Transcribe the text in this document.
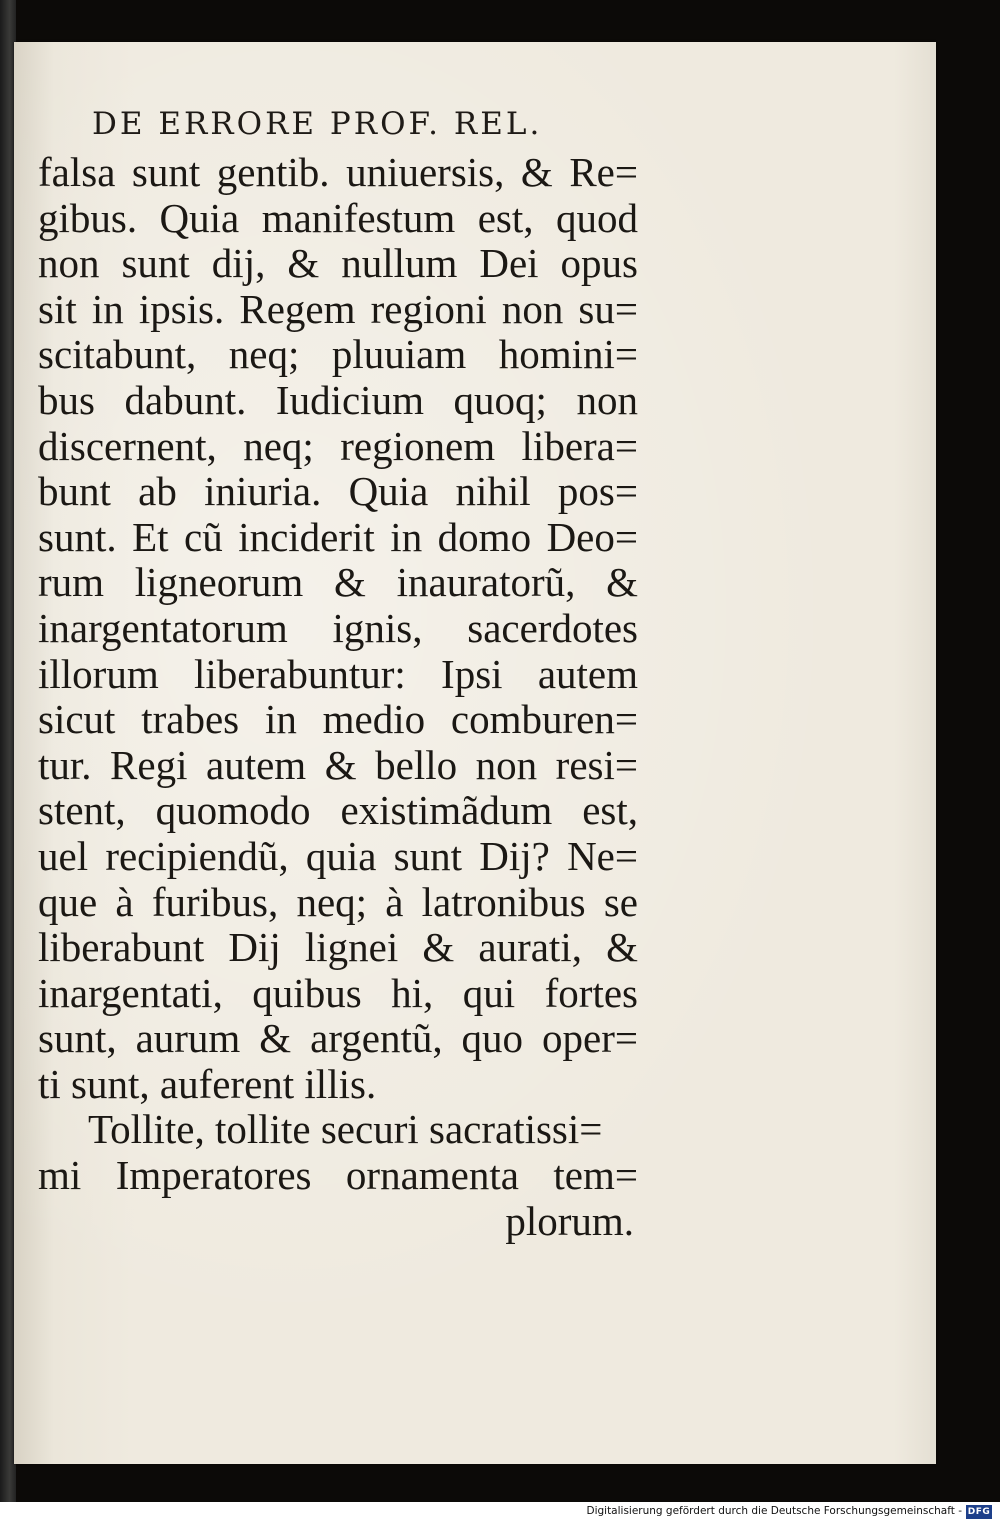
DE ERRORE PROF. REL.
falsa sunt gentib. uniuersis, & Re=
gibus. Quia manifestum est, quod
non sunt dij, & nullum Dei opus
sit in ipsis. Regem regioni non su=
scitabunt, neq; pluuiam homini=
bus dabunt. Iudicium quoq; non
discernent, neq; regionem libera=
bunt ab iniuria. Quia nihil pos=
sunt. Et cũ inciderit in domo Deo=
rum ligneorum & inauratorũ, &
inargentatorum ignis, sacerdotes
illorum liberabuntur: Ipsi autem
sicut trabes in medio comburen=
tur. Regi autem & bello non resi=
stent, quomodo existimãdum est,
uel recipiendũ, quia sunt Dij? Ne=
que à furibus, neq; à latronibus se
liberabunt Dij lignei & aurati, &
inargentati, quibus hi, qui fortes
sunt, aurum & argentũ, quo oper=
ti sunt, auferent illis.
Tollite, tollite securi sacratissi=
mi Imperatores ornamenta tem=
plorum.
Digitalisierung gefördert durch die Deutsche Forschungsgemeinschaft - DFG
